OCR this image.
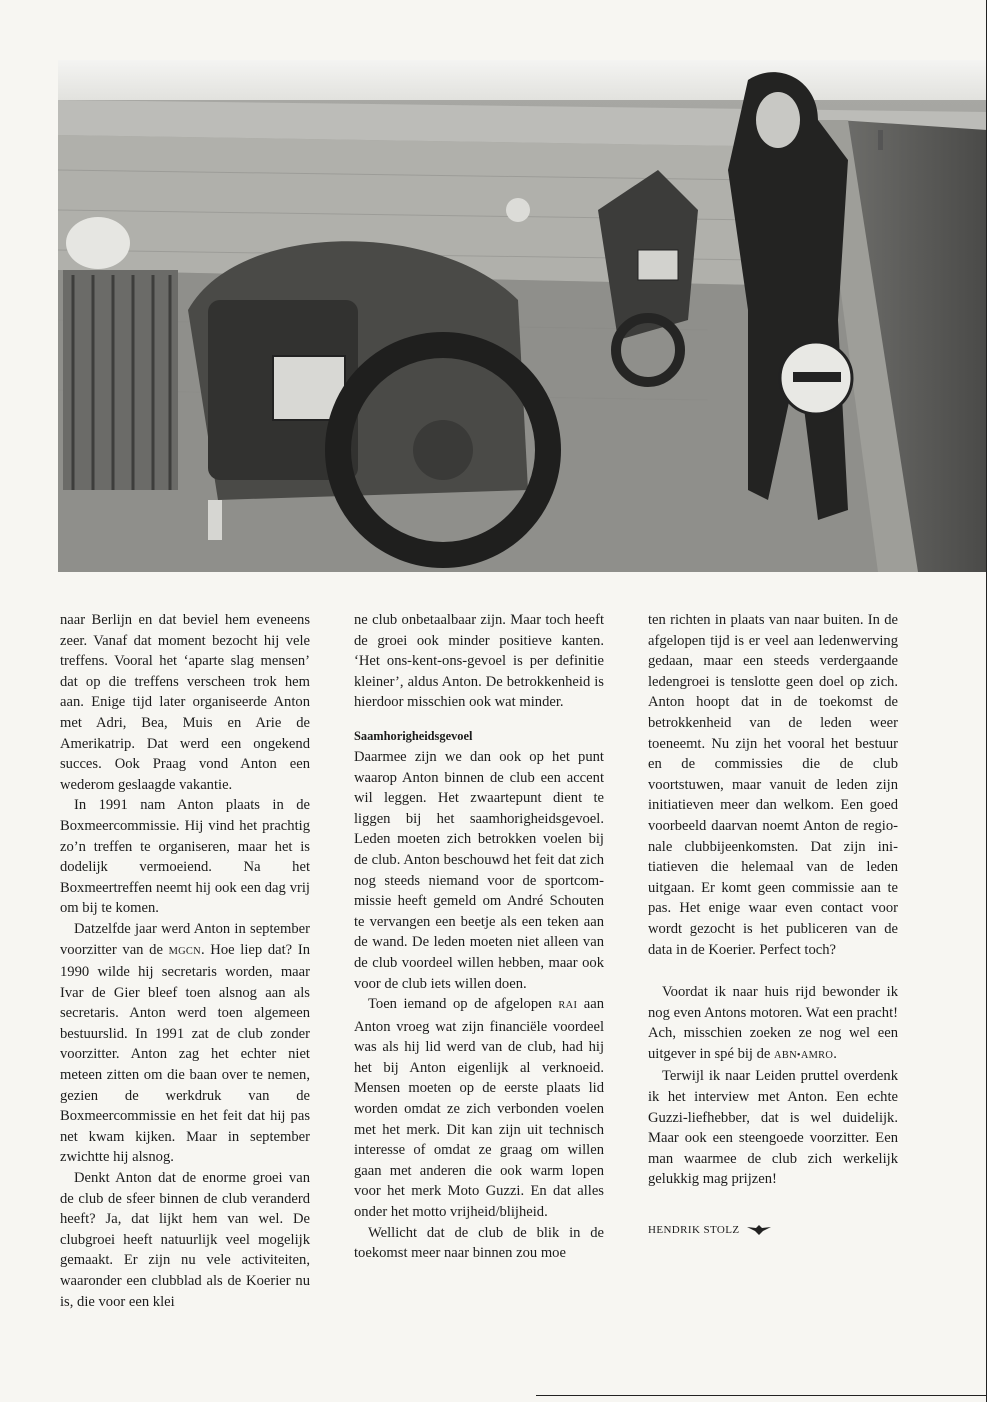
naar Berlijn en dat beviel hem eveneens zeer. Vanaf dat moment bezocht hij vele treffens. Vooral het ‘aparte slag mensen’ dat op die treffens verscheen trok hem aan. Enige tijd later organiseerde Anton met Adri, Bea, Muis en Arie de Amerikatrip. Dat werd een ongekend succes. Ook Praag vond Anton een wederom geslaagde vakantie.

In 1991 nam Anton plaats in de Boxmeercommissie. Hij vind het prachtig zo’n treffen te organiseren, maar het is dodelijk vermoeiend. Na het Boxmeertreffen neemt hij ook een dag vrij om bij te komen.

Datzelfde jaar werd Anton in september voorzitter van de MGCN. Hoe liep dat? In 1990 wilde hij secretaris worden, maar Ivar de Gier bleef toen alsnog aan als secretaris. Anton werd toen algemeen bestuurslid. In 1991 zat de club zonder voorzitter. Anton zag het echter niet meteen zitten om die baan over te nemen, gezien de werkdruk van de Boxmeercommissie en het feit dat hij pas net kwam kijken. Maar in september zwichtte hij alsnog.

Denkt Anton dat de enorme groei van de club de sfeer binnen de club veranderd heeft? Ja, dat lijkt hem van wel. De clubgroei heeft natuurlijk veel mogelijk gemaakt. Er zijn nu vele activiteiten, waaronder een clubblad als de Koerier nu is, die voor een klei

ne club onbetaalbaar zijn. Maar toch heeft de groei ook minder positieve kanten. ‘Het ons-kent-ons-gevoel is per definitie kleiner’, aldus Anton. De betrokkenheid is hierdoor misschien ook wat minder.

Saamhorigheidsgevoel

Daarmee zijn we dan ook op het punt waarop Anton binnen de club een accent wil leggen. Het zwaartepunt dient te liggen bij het saamhorigheidsgevoel. Leden moeten zich betrokken voelen bij de club. Anton beschouwd het feit dat zich nog steeds niemand voor de sportcommissie heeft gemeld om André Schouten te vervangen een beetje als een teken aan de wand. De leden moeten niet alleen van de club voordeel willen hebben, maar ook voor de club iets willen doen.

Toen iemand op de afgelopen RAI aan Anton vroeg wat zijn financiële voordeel was als hij lid werd van de club, had hij het bij Anton eigenlijk al verknoeid. Mensen moeten op de eerste plaats lid worden omdat ze zich verbonden voelen met het merk. Dit kan zijn uit technisch interesse of omdat ze graag om willen gaan met anderen die ook warm lopen voor het merk Moto Guzzi. En dat alles onder het motto vrijheid/blijheid.

Wellicht dat de club de blik in de toekomst meer naar binnen zou moe

ten richten in plaats van naar buiten. In de afgelopen tijd is er veel aan ledenwerving gedaan, maar een steeds verdergaande ledengroei is tenslotte geen doel op zich. Anton hoopt dat in de toekomst de betrokkenheid van de leden weer toeneemt. Nu zijn het vooral het bestuur en de commissies die de club voortstuwen, maar vanuit de leden zijn initiatieven meer dan welkom. Een goed voorbeeld daarvan noemt Anton de regionale clubbijeenkomsten. Dat zijn initiatieven die helemaal van de leden uitgaan. Er komt geen commissie aan te pas. Het enige waar even contact voor wordt gezocht is het publiceren van de data in de Koerier. Perfect toch?

Voordat ik naar huis rijd bewonder ik nog even Antons motoren. Wat een pracht! Ach, misschien zoeken ze nog wel een uitgever in spé bij de ABN•AMRO.

Terwijl ik naar Leiden pruttel overdenk ik het interview met Anton. Een echte Guzzi-liefhebber, dat is wel duidelijk. Maar ook een steengoede voorzitter. Een man waarmee de club zich werkelijk gelukkig mag prijzen!

HENDRIK STOLZ
